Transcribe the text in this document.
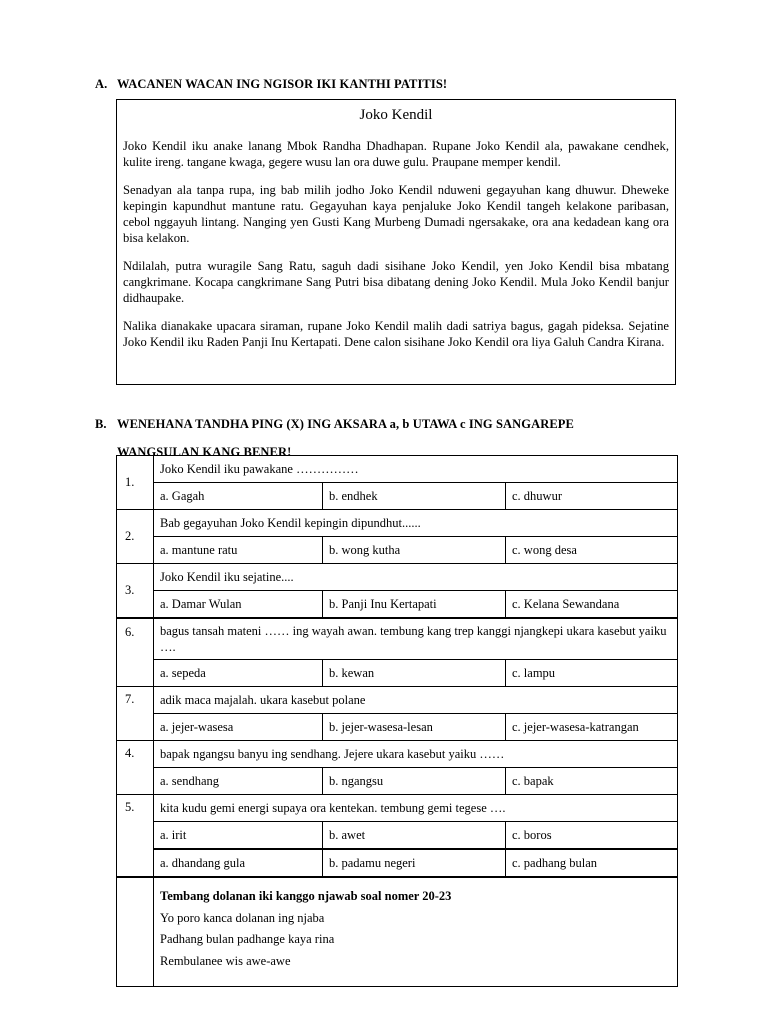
A. WACANEN WACAN ING NGISOR IKI KANTHI PATITIS!
Joko Kendil

Joko Kendil iku anake lanang Mbok Randha Dhadhapan. Rupane Joko Kendil ala, pawakane cendhek, kulite ireng. tangane kwaga, gegere wusu lan ora duwe gulu. Praupane memper kendil.

Senadyan ala tanpa rupa, ing bab milih jodho Joko Kendil nduweni gegayuhan kang dhuwur. Dheweke kepingin kapundhut mantune ratu. Gegayuhan kaya penjaluke Joko Kendil tangeh kelakone paribasan, cebol nggayuh lintang. Nanging yen Gusti Kang Murbeng Dumadi ngersakake, ora ana kedadean kang ora bisa kelakon.

Ndilalah, putra wuragile Sang Ratu, saguh dadi sisihane Joko Kendil, yen Joko Kendil bisa mbatang cangkrimane. Kocapa cangkrimane Sang Putri bisa dibatang dening Joko Kendil. Mula Joko Kendil banjur didhaupake.

Nalika dianakake upacara siraman, rupane Joko Kendil malih dadi satriya bagus, gagah pideksa. Sejatine Joko Kendil iku Raden Panji Inu Kertapati. Dene calon sisihane Joko Kendil ora liya Galuh Candra Kirana.

B. WENEHANA TANDHA PING (X) ING AKSARA a, b UTAWA c ING SANGAREPE
WANGSULAN KANG BENER!
1.	Joko Kendil iku pawakane ……………		
	a. Gagah	b. endhek	c. dhuwur
2.	Bab gegayuhan Joko Kendil kepingin dipundhut......		
	a. mantune ratu	b. wong kutha	c. wong desa
3.	Joko Kendil iku sejatine....		
	a. Damar Wulan	b. Panji Inu Kertapati	c. Kelana Sewandana
6.	bagus tansah mateni …… ing wayah awan. tembung kang trep kanggi njangkepi ukara kasebut yaiku ….		
	a. sepeda	b. kewan	c. lampu
7.	adik maca majalah. ukara kasebut polane		
	a. jejer-wasesa	b. jejer-wasesa-lesan	c. jejer-wasesa-katrangan
4.	bapak ngangsu banyu ing sendhang. Jejere ukara kasebut yaiku ……		
	a. sendhang	b. ngangsu	c. bapak
5.	kita kudu gemi energi supaya ora kentekan. tembung gemi tegese ….		
	a. irit	b. awet	c. boros
	a. dhandang gula	b. padamu negeri	c. padhang bulan

	Tembang dolanan iki kanggo njawab soal nomer 20-23
Yo poro kanca dolanan ing njaba
Padhang bulan padhange kaya rina
Rembulanee wis awe-awe		
